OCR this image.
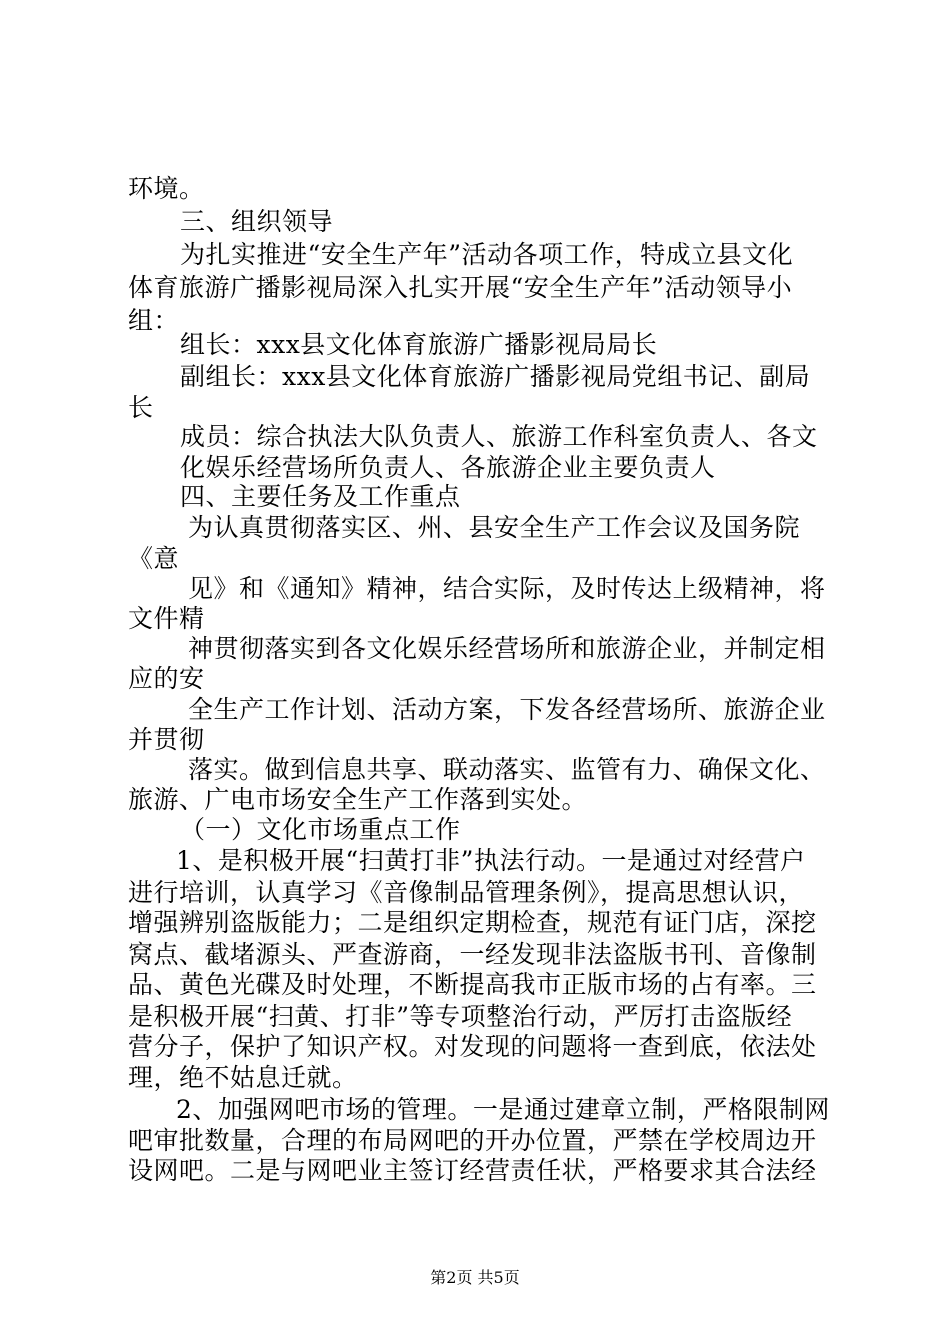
环境。
三、组织领导
为扎实推进“安全生产年”活动各项工作，特成立县文化
体育旅游广播影视局深入扎实开展“安全生产年”活动领导小
组：
组长：xxx县文化体育旅游广播影视局局长
副组长：xxx县文化体育旅游广播影视局党组书记、副局
长
成员：综合执法大队负责人、旅游工作科室负责人、各文
化娱乐经营场所负责人、各旅游企业主要负责人
四、主要任务及工作重点
为认真贯彻落实区、州、县安全生产工作会议及国务院
《意
见》和《通知》精神，结合实际，及时传达上级精神，将
文件精
神贯彻落实到各文化娱乐经营场所和旅游企业，并制定相
应的安
全生产工作计划、活动方案，下发各经营场所、旅游企业
并贯彻
落实。做到信息共享、联动落实、监管有力、确保文化、
旅游、广电市场安全生产工作落到实处。
（一）文化市场重点工作
1、是积极开展“扫黄打非”执法行动。一是通过对经营户
进行培训，认真学习《音像制品管理条例》，提高思想认识，
增强辨别盗版能力；二是组织定期检查，规范有证门店，深挖
窝点、截堵源头、严查游商，一经发现非法盗版书刊、音像制
品、黄色光碟及时处理，不断提高我市正版市场的占有率。三
是积极开展“扫黄、打非”等专项整治行动，严厉打击盗版经
营分子，保护了知识产权。对发现的问题将一查到底，依法处
理，绝不姑息迁就。
2、加强网吧市场的管理。一是通过建章立制，严格限制网
吧审批数量，合理的布局网吧的开办位置，严禁在学校周边开
设网吧。二是与网吧业主签订经营责任状，严格要求其合法经
第2页 共5页
